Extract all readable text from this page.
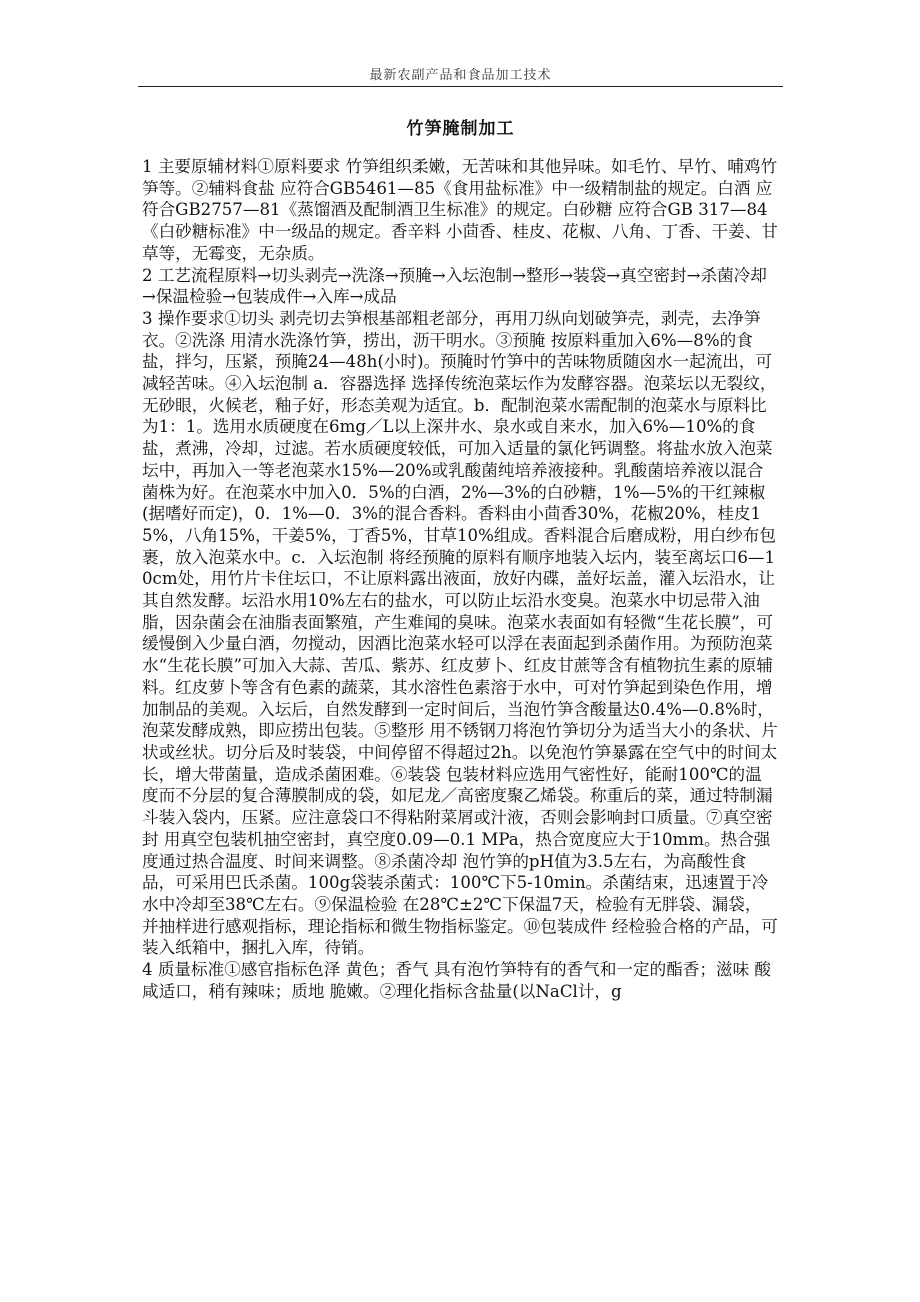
最新农副产品和食品加工技术
竹笋腌制加工

1 主要原辅材料①原料要求 竹笋组织柔嫩，无苦味和其他异味。如毛竹、早竹、哺鸡竹笋等。②辅料食盐 应符合GB5461—85《食用盐标准》中一级精制盐的规定。白酒 应符合GB2757—81《蒸馏酒及配制酒卫生标准》的规定。白砂糖 应符合GB 317—84《白砂糖标准》中一级品的规定。香辛料 小茴香、桂皮、花椒、八角、丁香、干姜、甘草等，无霉变，无杂质。

2 工艺流程原料→切头剥壳→洗涤→预腌→入坛泡制→整形→装袋→真空密封→杀菌冷却→保温检验→包装成件→入库→成品

3 操作要求①切头 剥壳切去笋根基部粗老部分，再用刀纵向划破笋壳，剥壳，去净笋衣。②洗涤 用清水洗涤竹笋，捞出，沥干明水。③预腌 按原料重加入6%—8%的食盐，拌匀，压紧，预腌24—48h(小时)。预腌时竹笋中的苦味物质随囟水一起流出，可减轻苦味。④入坛泡制 a．容器选择 选择传统泡菜坛作为发酵容器。泡菜坛以无裂纹，无砂眼，火候老，釉子好，形态美观为适宜。b．配制泡菜水需配制的泡菜水与原料比为1：1。选用水质硬度在6mg／L以上深井水、泉水或自来水，加入6%—10%的食盐，煮沸，冷却，过滤。若水质硬度较低，可加入适量的氯化钙调整。将盐水放入泡菜坛中，再加入一等老泡菜水15%—20%或乳酸菌纯培养液接种。乳酸菌培养液以混合菌株为好。在泡菜水中加入0．5%的白酒，2%—3%的白砂糖，1%—5%的干红辣椒(据嗜好而定)，0．1%—0．3%的混合香料。香料由小茴香30%，花椒20%，桂皮15%，八角15%，干姜5%，丁香5%，甘草10%组成。香料混合后磨成粉，用白纱布包裹，放入泡菜水中。c．入坛泡制 将经预腌的原料有顺序地装入坛内，装至离坛口6—10cm处，用竹片卡住坛口，不让原料露出液面，放好内碟，盖好坛盖，灌入坛沿水，让其自然发酵。坛沿水用10%左右的盐水，可以防止坛沿水变臭。泡菜水中切忌带入油脂，因杂菌会在油脂表面繁殖，产生难闻的臭味。泡菜水表面如有轻微“生花长膜”，可缓慢倒入少量白酒，勿搅动，因酒比泡菜水轻可以浮在表面起到杀菌作用。为预防泡菜水“生花长膜”可加入大蒜、苦瓜、紫苏、红皮萝卜、红皮甘蔗等含有植物抗生素的原辅料。红皮萝卜等含有色素的蔬菜，其水溶性色素溶于水中，可对竹笋起到染色作用，增加制品的美观。入坛后，自然发酵到一定时间后，当泡竹笋含酸量达0.4%—0.8%时，泡菜发酵成熟，即应捞出包装。⑤整形 用不锈钢刀将泡竹笋切分为适当大小的条状、片状或丝状。切分后及时装袋，中间停留不得超过2h。以免泡竹笋暴露在空气中的时间太长，增大带菌量，造成杀菌困难。⑥装袋 包装材料应选用气密性好，能耐100℃的温度而不分层的复合薄膜制成的袋，如尼龙／高密度聚乙烯袋。称重后的菜，通过特制漏斗装入袋内，压紧。应注意袋口不得粘附菜屑或汁液，否则会影响封口质量。⑦真空密封 用真空包装机抽空密封，真空度0.09—0.1 MPa，热合宽度应大于10mm。热合强度通过热合温度、时间来调整。⑧杀菌冷却 泡竹笋的pH值为3.5左右，为高酸性食品，可采用巴氏杀菌。100g袋装杀菌式：100℃下5-10min。杀菌结束，迅速置于冷水中冷却至38℃左右。⑨保温检验 在28℃±2℃下保温7天，检验有无胖袋、漏袋，并抽样进行感观指标，理论指标和微生物指标鉴定。⑩包装成件 经检验合格的产品，可装入纸箱中，捆扎入库，待销。

4 质量标准①感官指标色泽 黄色；香气 具有泡竹笋特有的香气和一定的酯香；滋味 酸咸适口，稍有辣味；质地 脆嫩。②理化指标含盐量(以NaCl计，g
